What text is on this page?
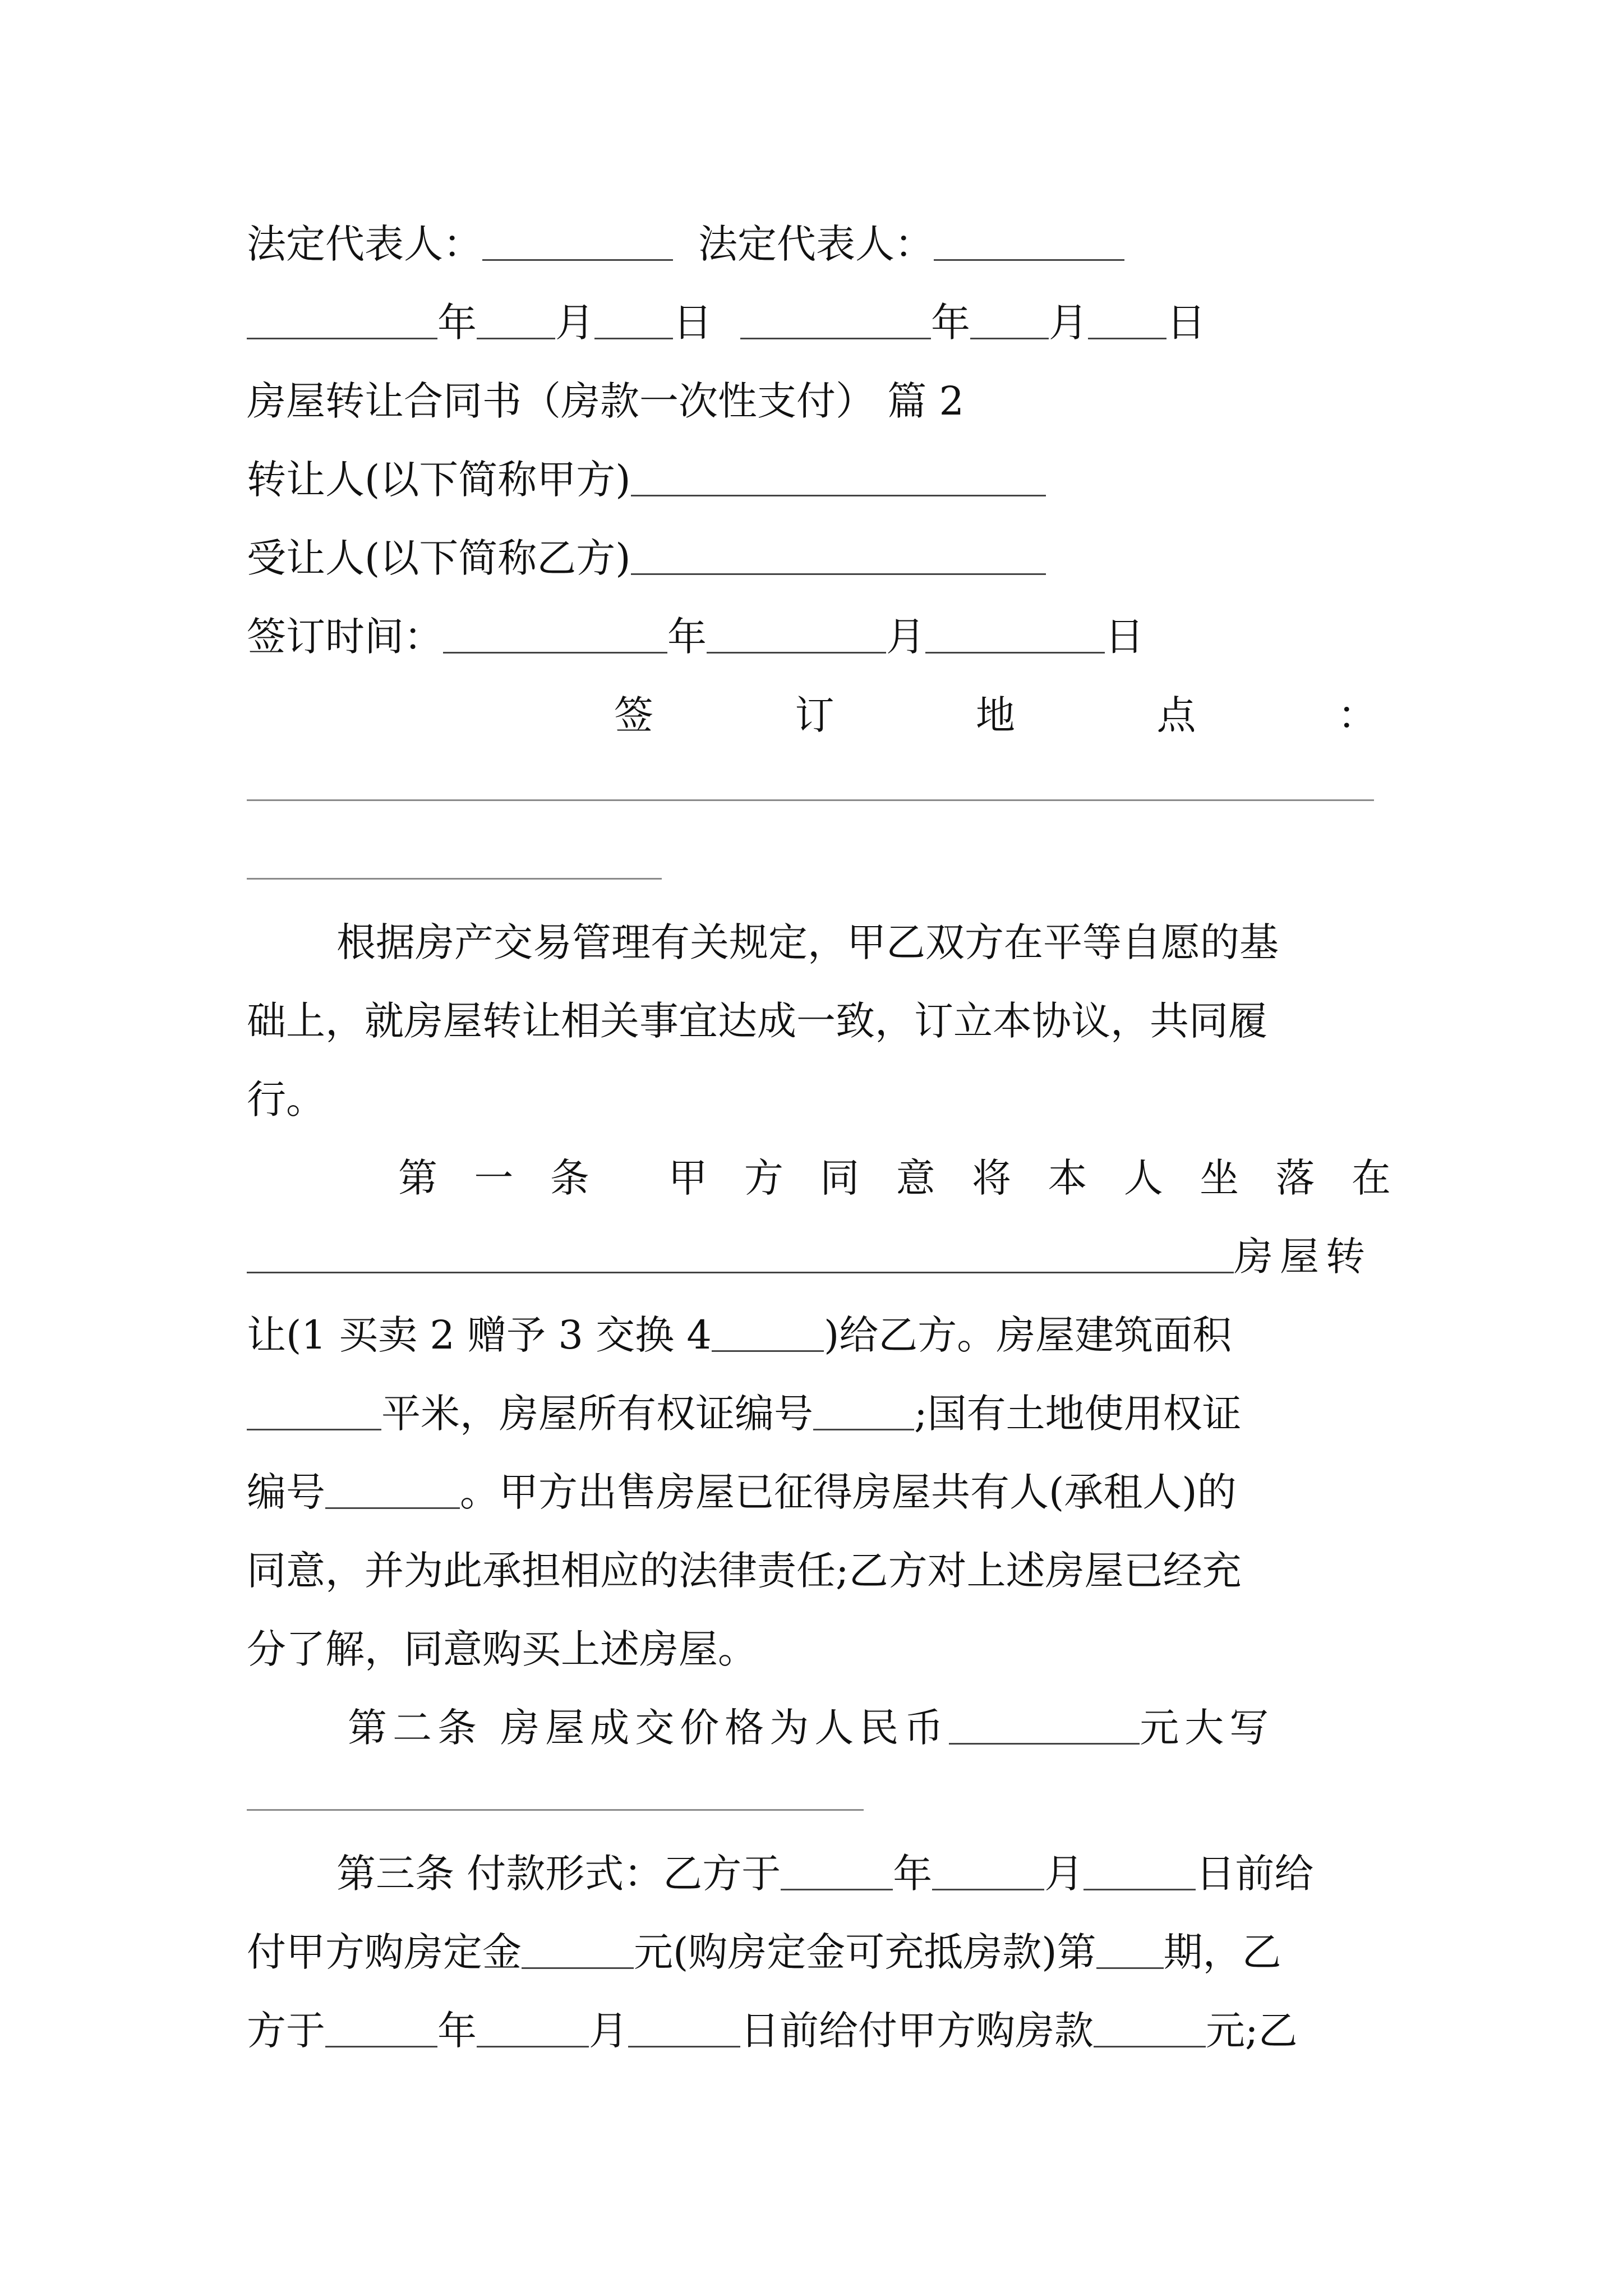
法定代表人：	法定代表人：
年 月 日	年 月 日
房屋转让合同书（房款一次性支付） 篇 2
转让人(以下简称甲方)
受让人(以下简称乙方)
签订时间：	年	月	日
签	订	地	点	：
根据房产交易管理有关规定，甲乙双方在平等自愿的基
础上，就房屋转让相关事宜达成一致，订立本协议，共同履
行。
第 一 条 甲 方 同 意 将 本 人 坐 落 在
房屋转
让(1 买卖 2 赠予 3 交换 4	)给乙方。房屋建筑面积
平米，房屋所有权证编号	;国有土地使用权证
编号	。甲方出售房屋已征得房屋共有人(承租人)的
同意，并为此承担相应的法律责任;乙方对上述房屋已经充
分了解，同意购买上述房屋。
第二条 房屋成交价格为人民币	元大写
第三条 付款形式：乙方于	年	月	日前给
付甲方购房定金	元(购房定金可充抵房款)第 期，乙
方于	年	月	日前给付甲方购房款	元;乙
